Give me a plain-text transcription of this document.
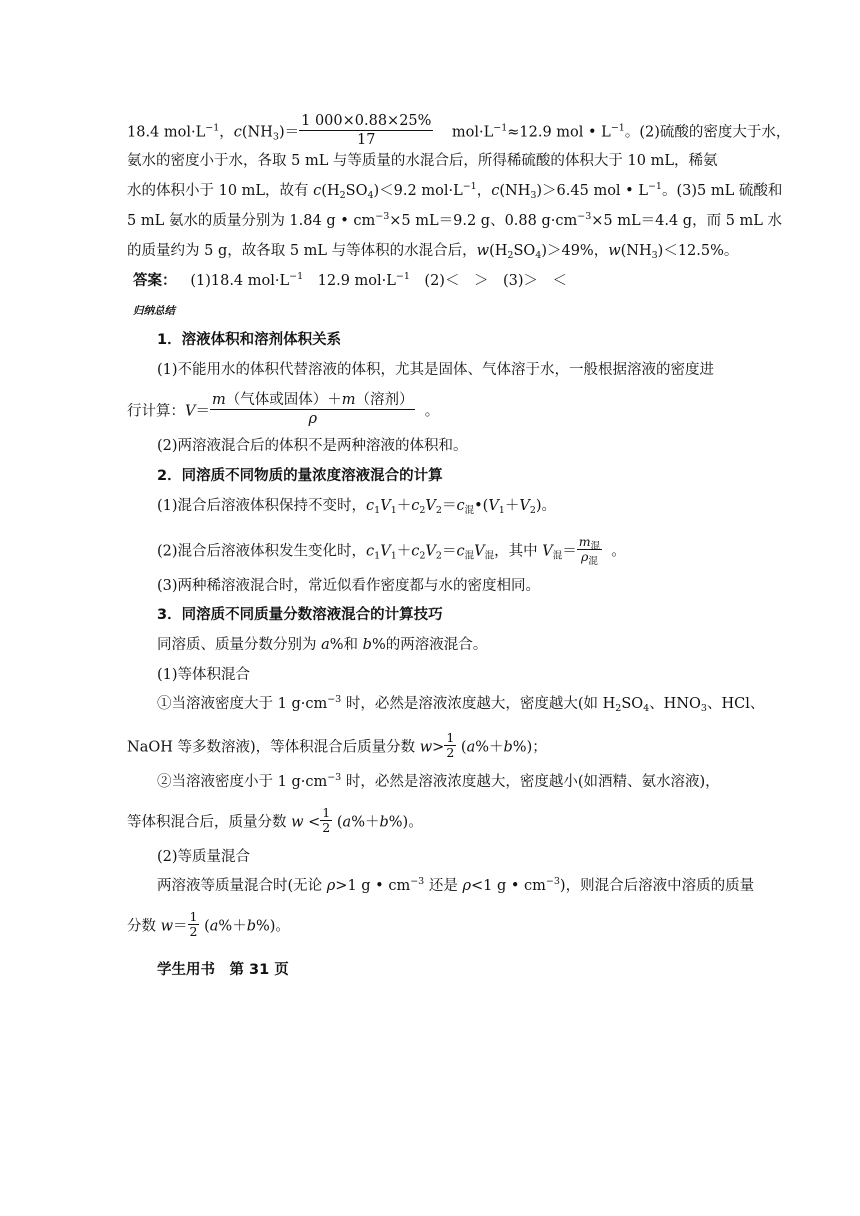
18.4 $mol\cdot L^{-1}$，$c(NH_3)= \frac{1 000\times 0.88\times 25\%}{17} mol\cdot L^{-1}\approx 12.9$ mol • $L^{-1}$。(2)硫酸的密度大于水，
氨水的密度小于水，各取 5 mL 与等质量的水混合后，所得稀硫酸的体积大于 10 mL，稀氨
水的体积小于 10 mL，故有 $c(H_2SO_4)<9.2$ $mol\cdot L^{-1}$，$c(NH_3)>6.45$ mol • $L^{-1}$。(3)5 mL 硫酸和
5 mL 氨水的质量分别为 1.84 g • $cm^{-3}\times 5$ mL＝9.2 g、0.88 $g\cdot cm^{-3}\times 5$ mL＝4.4 g，而 5 mL 水
的质量约为 5 g，故各取 5 mL 与等体积的水混合后，$w(H_2SO_4)>49\%$，$w(NH_3)<12.5\%$。
答案： (1)18.4 $mol\cdot L^{-1}$　12.9 $mol\cdot L^{-1}$　(2)＜　＞　(3)＞　＜
归纳总结
1．溶液体积和溶剂体积关系
(1)不能用水的体积代替溶液的体积，尤其是固体、气体溶于水，一般根据溶液的密度进
行计算：$V= \frac{\text{m（气体或固体）＋m（溶剂）}}{\rho}$ 。
(2)两溶液混合后的体积不是两种溶液的体积和。
2．同溶质不同物质的量浓度溶液混合的计算
(1)混合后溶液体积保持不变时，$c_1V_1+c_2V_2=c_混•(V_1+V_2)$。
(2)混合后溶液体积发生变化时，$c_1V_1+c_2V_2=c_混V_混$，其中 $V_混= \frac{m_混}{\rho_混}$ 。
(3)两种稀溶液混合时，常近似看作密度都与水的密度相同。
3．同溶质不同质量分数溶液混合的计算技巧
同溶质、质量分数分别为 a%和 b%的两溶液混合。
(1)等体积混合
①当溶液密度大于 1 $g\cdot cm^{-3}$ 时，必然是溶液浓度越大，密度越大(如 $H_2SO_4$、$HNO_3$、HCl、
NaOH 等多数溶液)，等体积混合后质量分数 $w> \frac{1}{2} (a\%+b\%)$；
②当溶液密度小于 1 $g\cdot cm^{-3}$ 时，必然是溶液浓度越大，密度越小(如酒精、氨水溶液)，
等体积混合后，质量分数 $w < \frac{1}{2} (a\%+b\%)$。
(2)等质量混合
两溶液等质量混合时(无论 ρ>1 g • $cm^{-3}$ 还是 ρ<1 g • $cm^{-3}$)，则混合后溶液中溶质的质量
分数 $w= \frac{1}{2} (a\%+b\%)$。
学生用书　第 31 页
